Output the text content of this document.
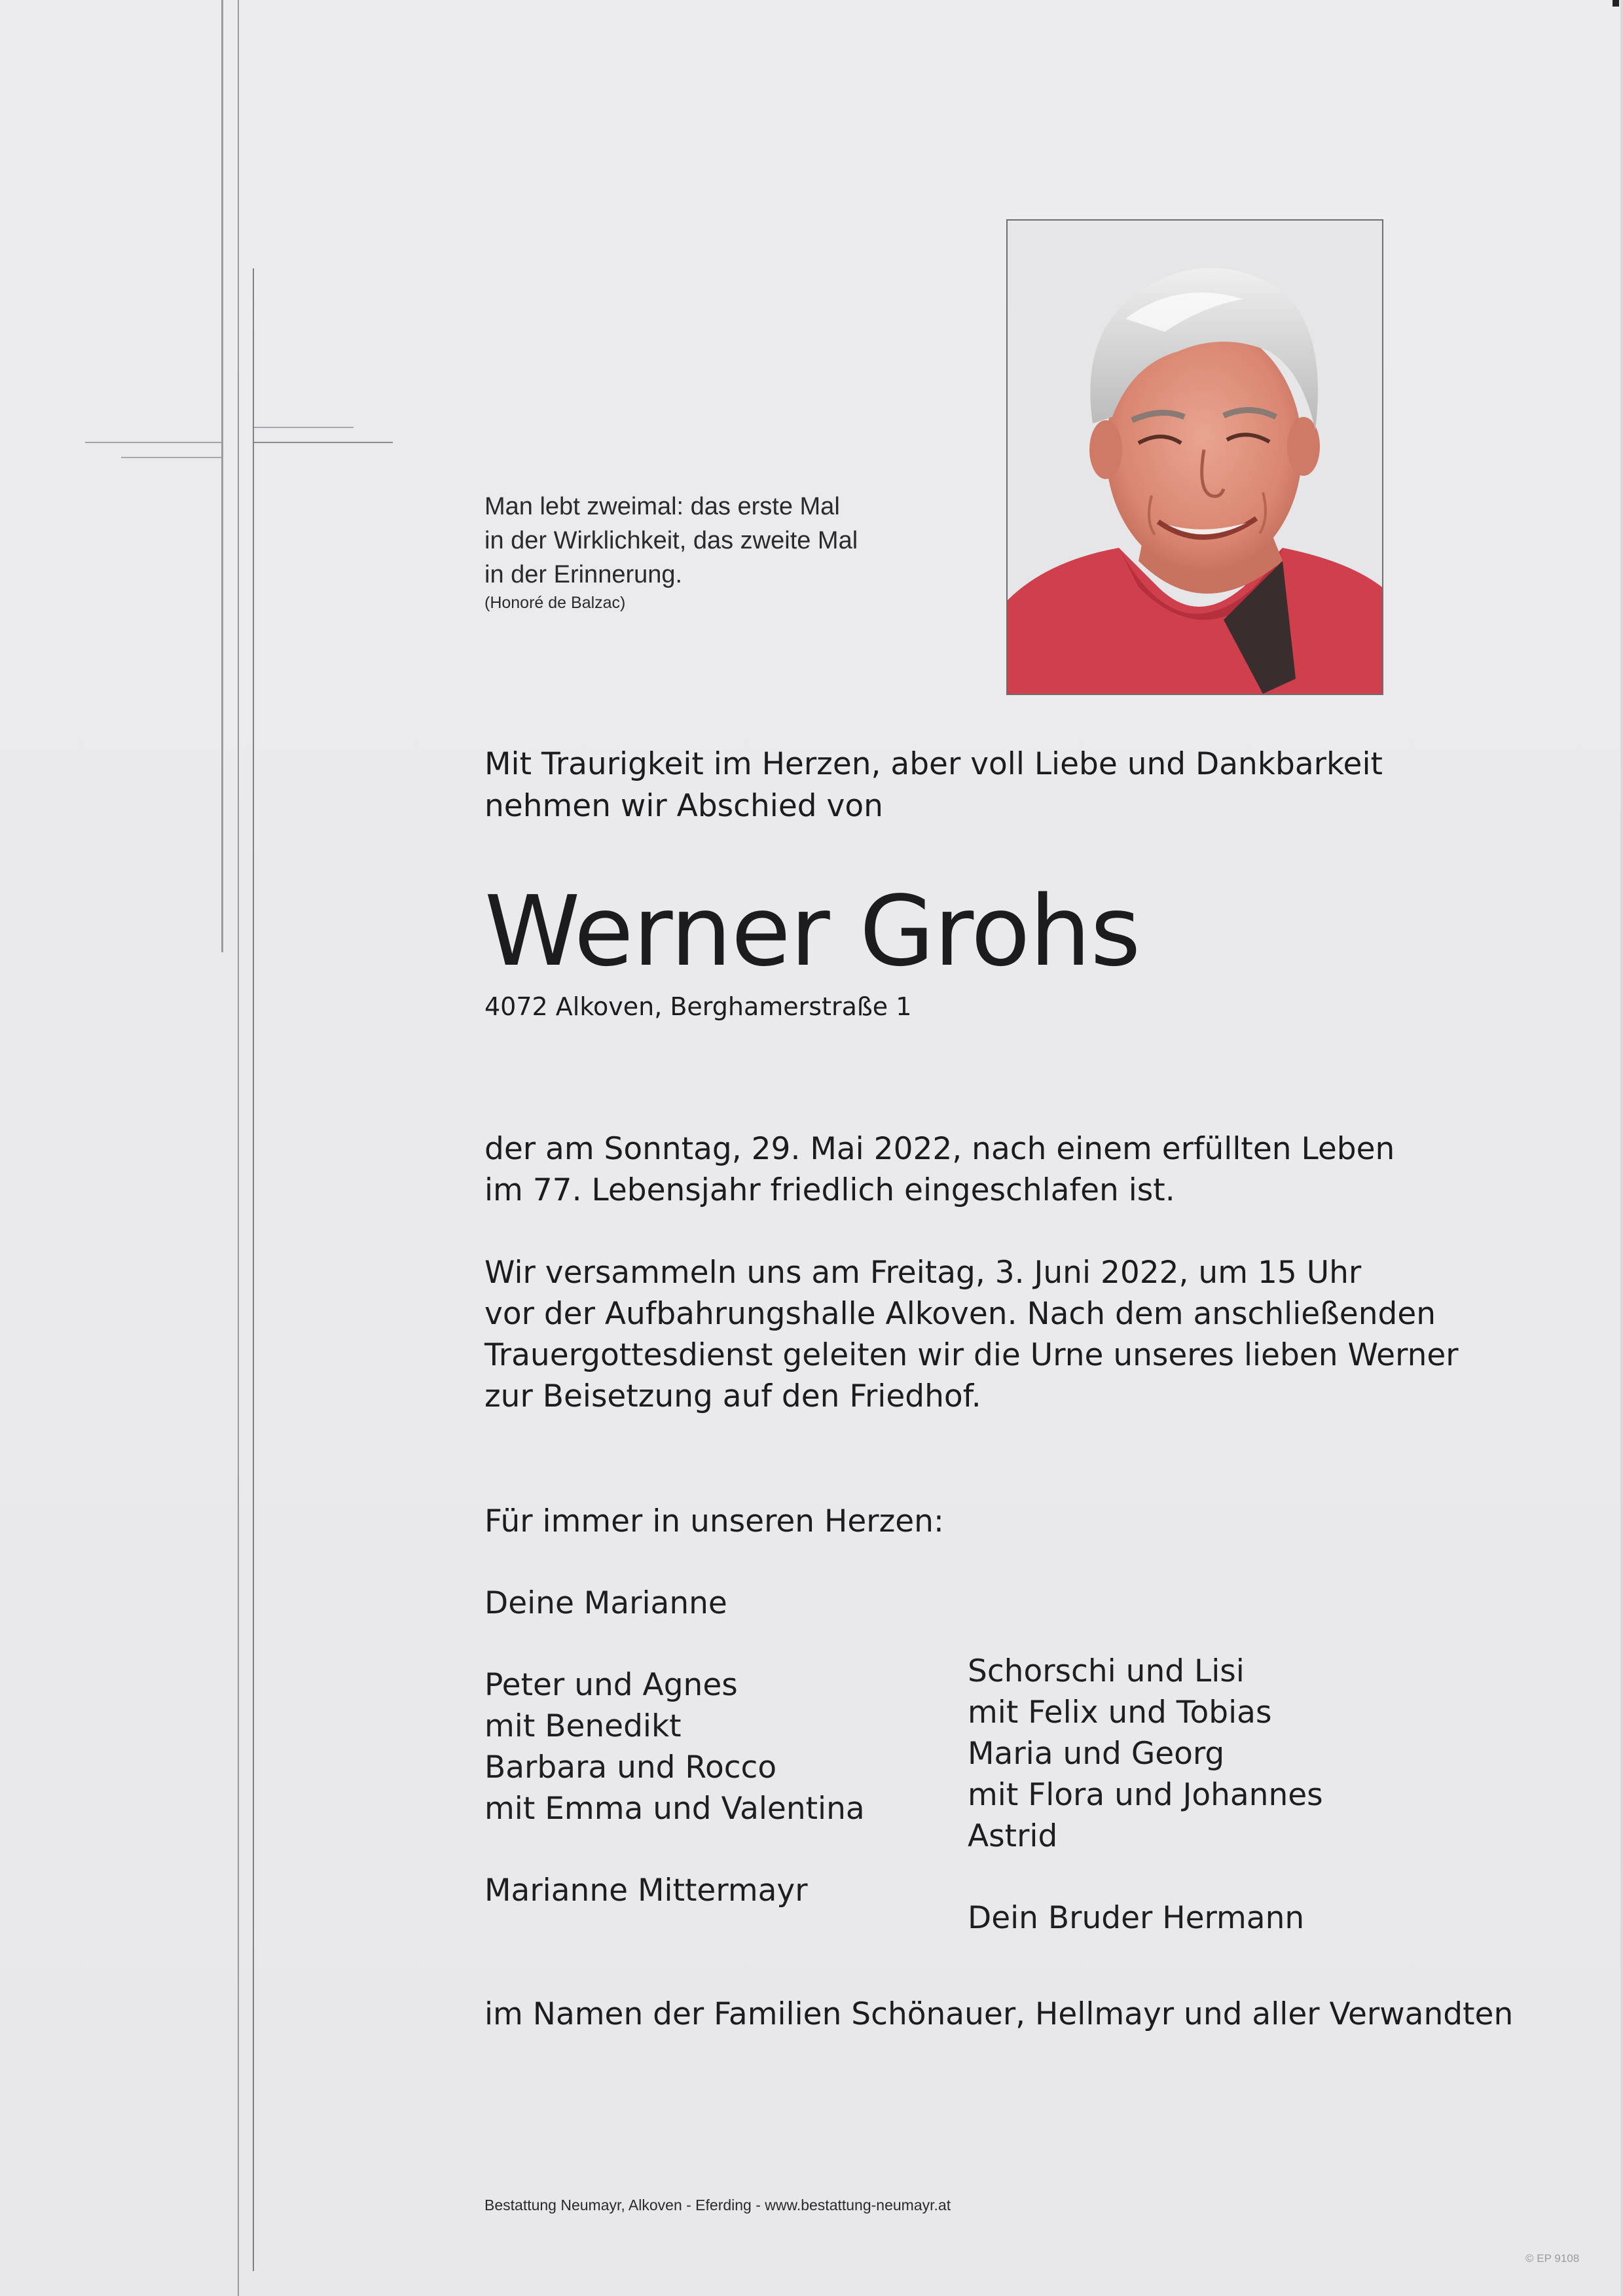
Man lebt zweimal: das erste Mal
in der Wirklichkeit, das zweite Mal
in der Erinnerung.
(Honoré de Balzac)
Mit Traurigkeit im Herzen, aber voll Liebe und Dankbarkeit
nehmen wir Abschied von
Werner Grohs
4072 Alkoven, Berghamerstraße 1
der am Sonntag, 29. Mai 2022, nach einem erfüllten Leben
im 77. Lebensjahr friedlich eingeschlafen ist.
Wir versammeln uns am Freitag, 3. Juni 2022, um 15 Uhr
vor der Aufbahrungshalle Alkoven. Nach dem anschließenden
Trauergottesdienst geleiten wir die Urne unseres lieben Werner
zur Beisetzung auf den Friedhof.
Für immer in unseren Herzen:
Deine Marianne
Peter und Agnes
mit Benedikt
Barbara und Rocco
mit Emma und Valentina
Marianne Mittermayr
Schorschi und Lisi
mit Felix und Tobias
Maria und Georg
mit Flora und Johannes
Astrid
Dein Bruder Hermann
im Namen der Familien Schönauer, Hellmayr und aller Verwandten
Bestattung Neumayr, Alkoven - Eferding - www.bestattung-neumayr.at
© EP 9108
